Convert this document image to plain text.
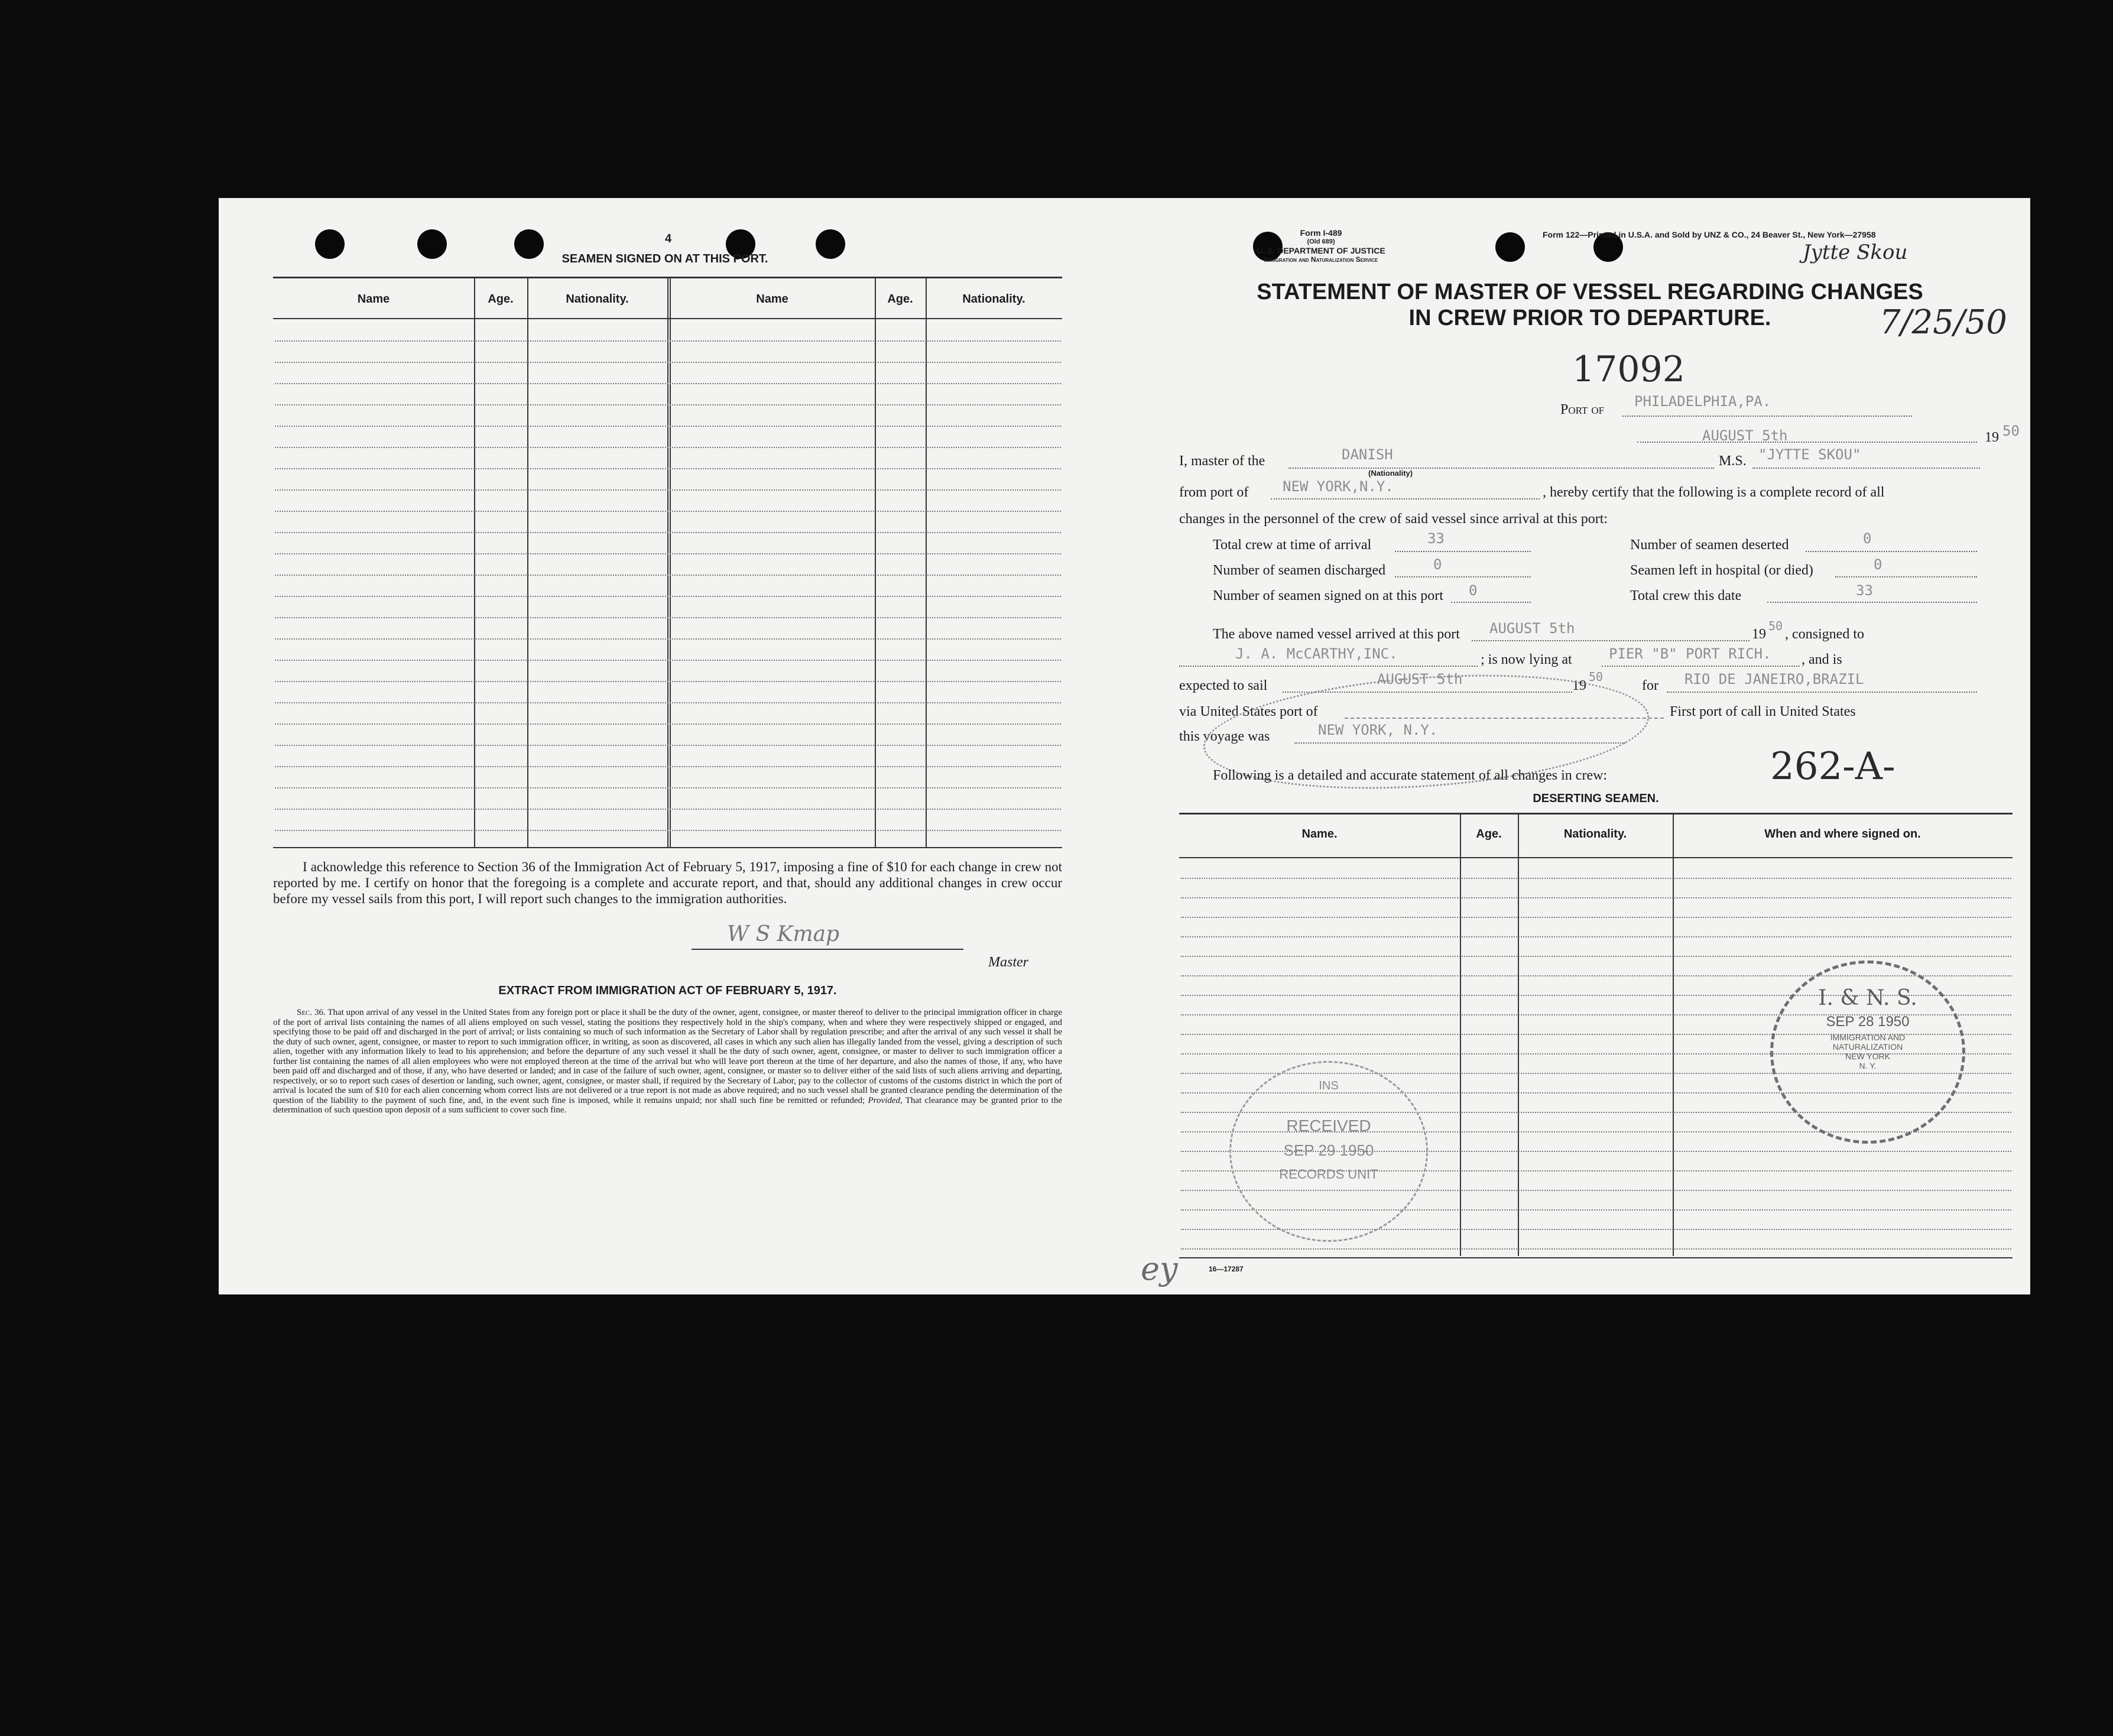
4
SEAMEN SIGNED ON AT THIS PORT.
Name	Age.	Nationality.	Name	Age.	Nationality.
I acknowledge this reference to Section 36 of the Immigration Act of February 5, 1917, imposing a fine of $10 for each change in crew not reported by me. I certify on honor that the foregoing is a complete and accurate report, and that, should any additional changes in crew occur before my vessel sails from this port, I will report such changes to the immigration authorities.
W S Kmap
Master
EXTRACT FROM IMMIGRATION ACT OF FEBRUARY 5, 1917.
Sec. 36. That upon arrival of any vessel in the United States from any foreign port or place it shall be the duty of the owner, agent, consignee, or master thereof to deliver to the principal immigration officer in charge of the port of arrival lists containing the names of all aliens employed on such vessel, stating the positions they respectively hold in the ship's company, when and where they were respectively shipped or engaged, and specifying those to be paid off and discharged in the port of arrival; or lists containing so much of such information as the Secretary of Labor shall by regulation prescribe; and after the arrival of any such vessel it shall be the duty of such owner, agent, consignee, or master to report to such immigration officer, in writing, as soon as discovered, all cases in which any such alien has illegally landed from the vessel, giving a description of such alien, together with any information likely to lead to his apprehension; and before the departure of any such vessel it shall be the duty of such owner, agent, consignee, or master to deliver to such immigration officer a further list containing the names of all alien employees who were not employed thereon at the time of the arrival but who will leave port thereon at the time of her departure, and also the names of those, if any, who have been paid off and discharged and of those, if any, who have deserted or landed; and in case of the failure of such owner, agent, consignee, or master so to deliver either of the said lists of such aliens arriving and departing, respectively, or so to report such cases of desertion or landing, such owner, agent, consignee, or master shall, if required by the Secretary of Labor, pay to the collector of customs of the customs district in which the port of arrival is located the sum of $10 for each alien concerning whom correct lists are not delivered or a true report is not made as above required; and no such vessel shall be granted clearance pending the determination of the question of the liability to the payment of such fine, and, in the event such fine is imposed, while it remains unpaid; nor shall such fine be remitted or refunded; Provided, That clearance may be granted prior to the determination of such question upon deposit of a sum sufficient to cover such fine.
Form I-489
(Old 689)
U. S. DEPARTMENT OF JUSTICE
Immigration and Naturalization Service
Form 122—Printed in U.S.A. and Sold by UNZ & CO., 24 Beaver St., New York—27958
Jytte Skou
7/25/50
STATEMENT OF MASTER OF VESSEL REGARDING CHANGES
IN CREW PRIOR TO DEPARTURE.
17092
Port of PHILADELPHIA,PA.
AUGUST 5th	19 50
I, master of the	DANISH
(Nationality)
M.S. "JYTTE SKOU"
from port of NEW YORK,N.Y.	, hereby certify that the following is a complete record of all
changes in the personnel of the crew of said vessel since arrival at this port:
Total crew at time of arrival	33	Number of seamen deserted	0
Number of seamen discharged	0	Seamen left in hospital (or died)	0
Number of seamen signed on at this port 0	Total crew this date	33
The above named vessel arrived at this port AUGUST 5th	19
50
, consigned to
J. A. McCARTHY,INC.	; is now lying at	PIER "B" PORT RICH. , and is
expected to sail	AUGUST 5th	19
50
for RIO DE JANEIRO,BRAZIL
via United States port of	First port of call in United States
this voyage was	NEW YORK, N.Y.
Following is a detailed and accurate statement of all changes in crew:	262-A-
DESERTING SEAMEN.
Name.	Age.	Nationality.	When and where signed on.
INS
RECEIVED
SEP 29 1950
RECORDS UNIT
I. & N. S.
SEP 28 1950
IMMIGRATION AND
NATURALIZATION
NEW YORK
N. Y.
16—17287
ey
